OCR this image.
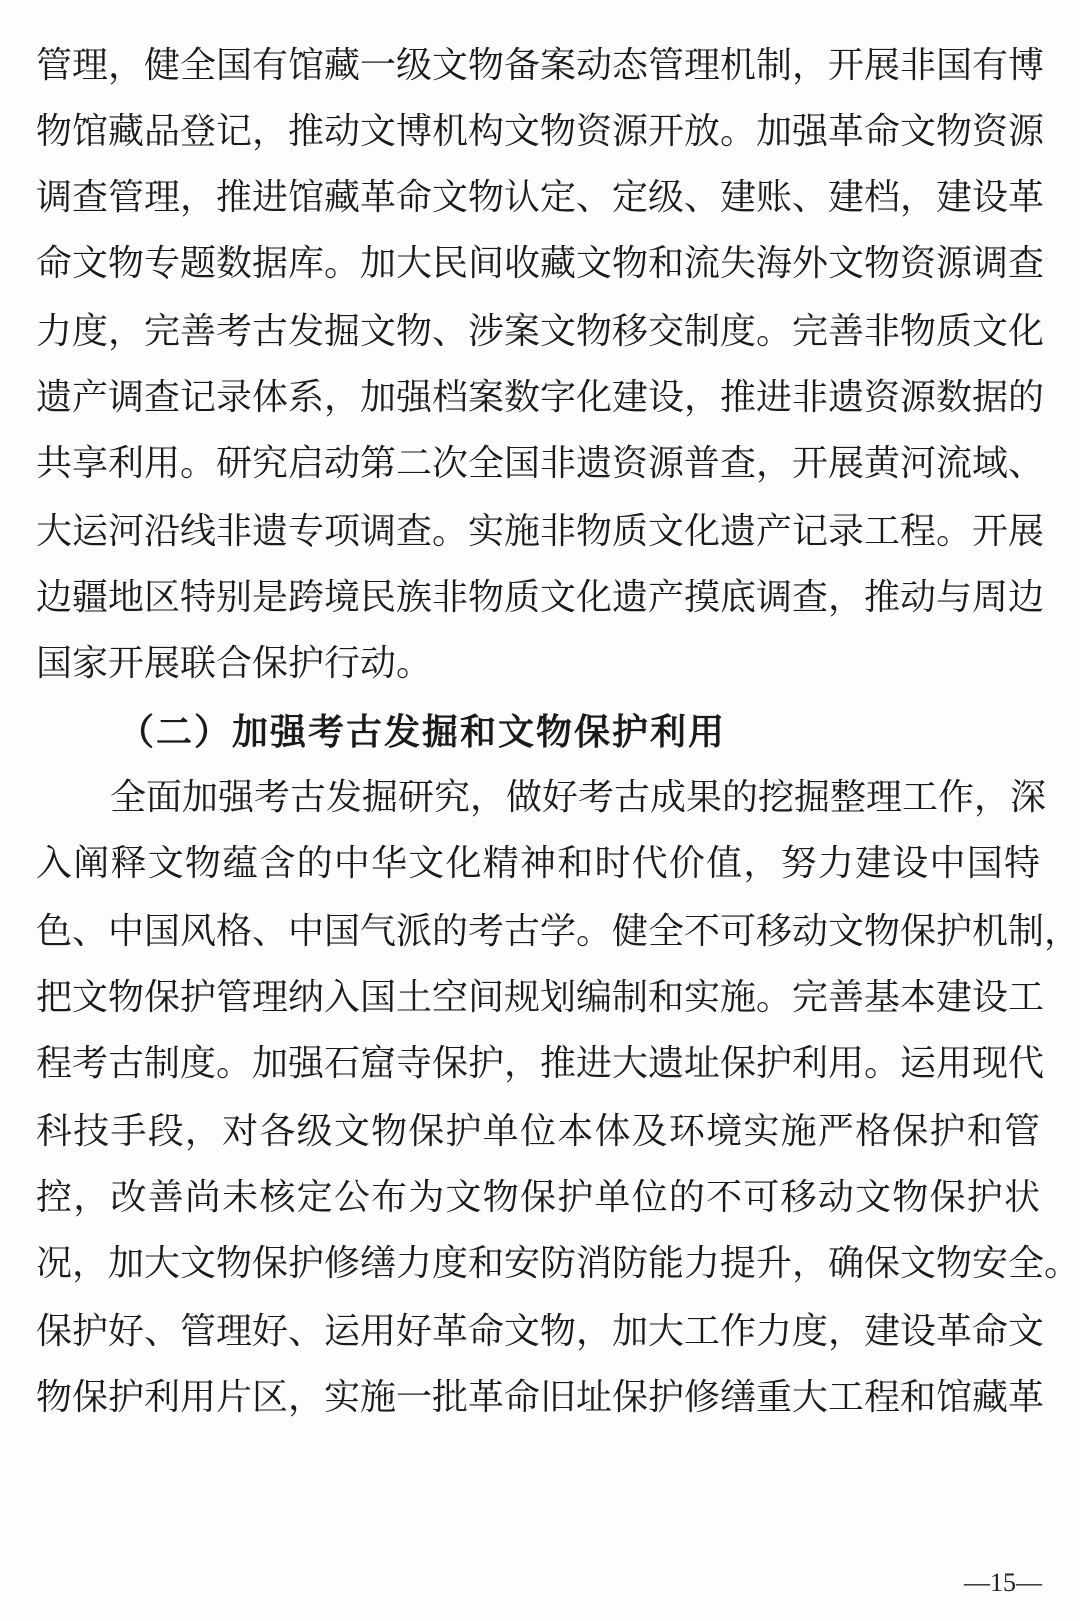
管理，健全国有馆藏一级文物备案动态管理机制，开展非国有博
物馆藏品登记，推动文博机构文物资源开放。加强革命文物资源
调查管理，推进馆藏革命文物认定、定级、建账、建档，建设革
命文物专题数据库。加大民间收藏文物和流失海外文物资源调查
力度，完善考古发掘文物、涉案文物移交制度。完善非物质文化
遗产调查记录体系，加强档案数字化建设，推进非遗资源数据的
共享利用。研究启动第二次全国非遗资源普查，开展黄河流域、
大运河沿线非遗专项调查。实施非物质文化遗产记录工程。开展
边疆地区特别是跨境民族非物质文化遗产摸底调查，推动与周边
国家开展联合保护行动。
（二）加强考古发掘和文物保护利用
全面加强考古发掘研究，做好考古成果的挖掘整理工作，深
入阐释文物蕴含的中华文化精神和时代价值，努力建设中国特
色、中国风格、中国气派的考古学。健全不可移动文物保护机制，
把文物保护管理纳入国土空间规划编制和实施。完善基本建设工
程考古制度。加强石窟寺保护，推进大遗址保护利用。运用现代
科技手段，对各级文物保护单位本体及环境实施严格保护和管
控，改善尚未核定公布为文物保护单位的不可移动文物保护状
况，加大文物保护修缮力度和安防消防能力提升，确保文物安全。
保护好、管理好、运用好革命文物，加大工作力度，建设革命文
物保护利用片区，实施一批革命旧址保护修缮重大工程和馆藏革
—15—
